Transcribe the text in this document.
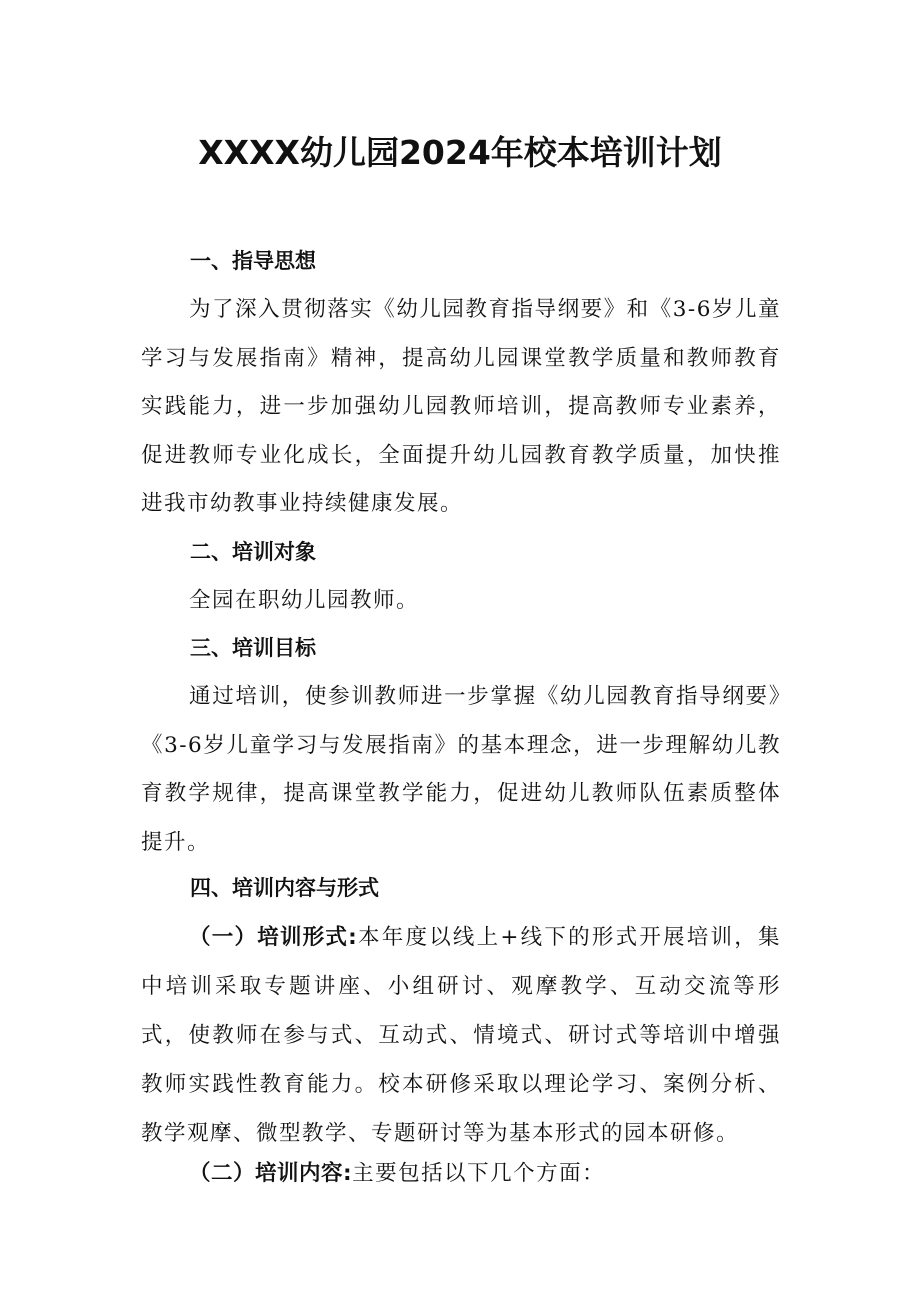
XXXX幼儿园2024年校本培训计划
一、指导思想

为了深入贯彻落实《幼儿园教育指导纲要》和《3-6岁儿童学习与发展指南》精神，提高幼儿园课堂教学质量和教师教育实践能力，进一步加强幼儿园教师培训，提高教师专业素养，促进教师专业化成长，全面提升幼儿园教育教学质量，加快推进我市幼教事业持续健康发展。

二、培训对象

全园在职幼儿园教师。

三、培训目标

通过培训，使参训教师进一步掌握《幼儿园教育指导纲要》《3-6岁儿童学习与发展指南》的基本理念，进一步理解幼儿教育教学规律，提高课堂教学能力，促进幼儿教师队伍素质整体提升。

四、培训内容与形式

（一）培训形式:本年度以线上+线下的形式开展培训，集中培训采取专题讲座、小组研讨、观摩教学、互动交流等形式，使教师在参与式、互动式、情境式、研讨式等培训中增强教师实践性教育能力。校本研修采取以理论学习、案例分析、教学观摩、微型教学、专题研讨等为基本形式的园本研修。

（二）培训内容:主要包括以下几个方面：
